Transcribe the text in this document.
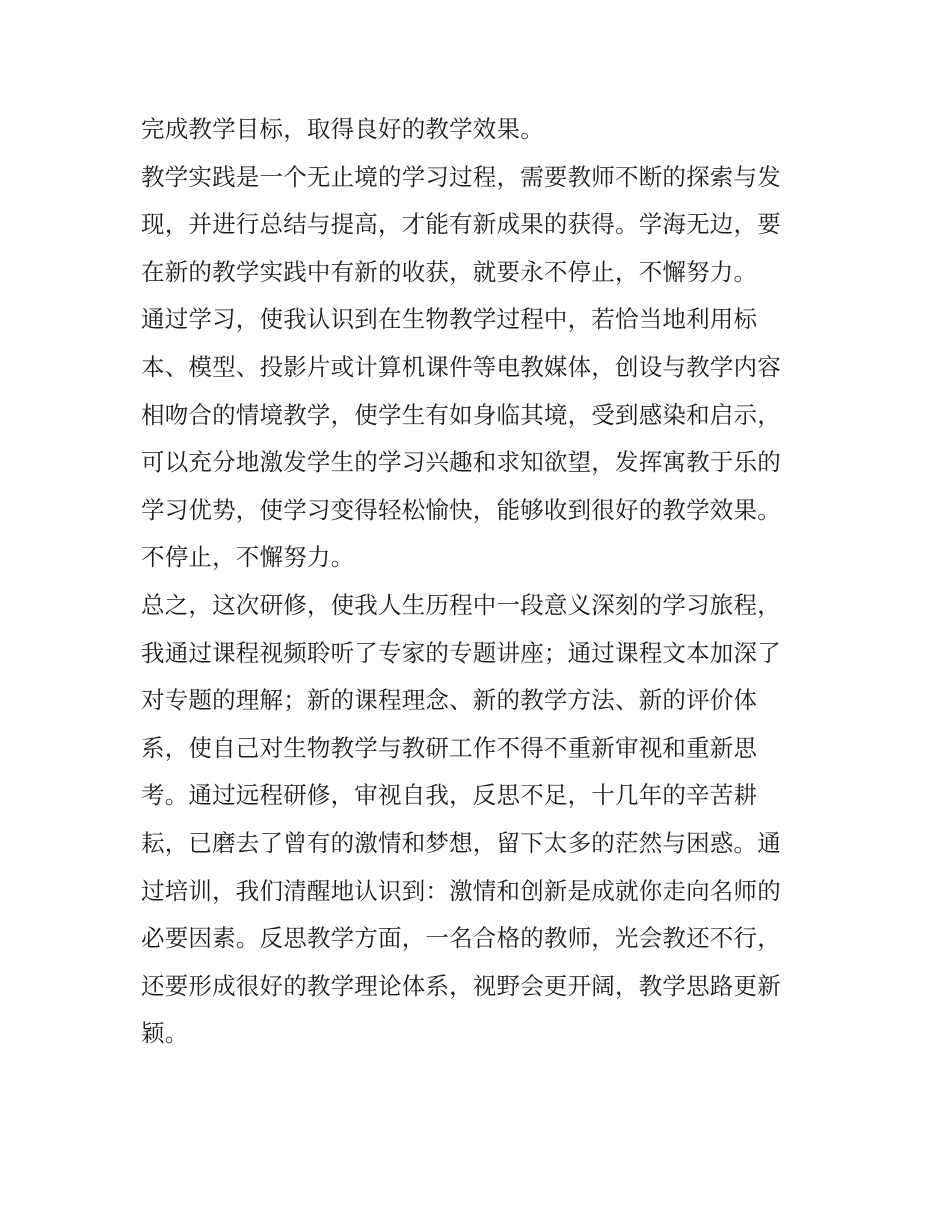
完成教学目标，取得良好的教学效果。
教学实践是一个无止境的学习过程，需要教师不断的探索与发
现，并进行总结与提高，才能有新成果的获得。学海无边，要
在新的教学实践中有新的收获，就要永不停止，不懈努力。
通过学习，使我认识到在生物教学过程中，若恰当地利用标
本、模型、投影片或计算机课件等电教媒体，创设与教学内容
相吻合的情境教学，使学生有如身临其境，受到感染和启示，
可以充分地激发学生的学习兴趣和求知欲望，发挥寓教于乐的
学习优势，使学习变得轻松愉快，能够收到很好的教学效果。
不停止，不懈努力。
总之，这次研修，使我人生历程中一段意义深刻的学习旅程，
我通过课程视频聆听了专家的专题讲座；通过课程文本加深了
对专题的理解；新的课程理念、新的教学方法、新的评价体
系，使自己对生物教学与教研工作不得不重新审视和重新思
考。通过远程研修，审视自我，反思不足，十几年的辛苦耕
耘，已磨去了曾有的激情和梦想，留下太多的茫然与困惑。通
过培训，我们清醒地认识到：激情和创新是成就你走向名师的
必要因素。反思教学方面，一名合格的教师，光会教还不行，
还要形成很好的教学理论体系，视野会更开阔，教学思路更新
颖。
